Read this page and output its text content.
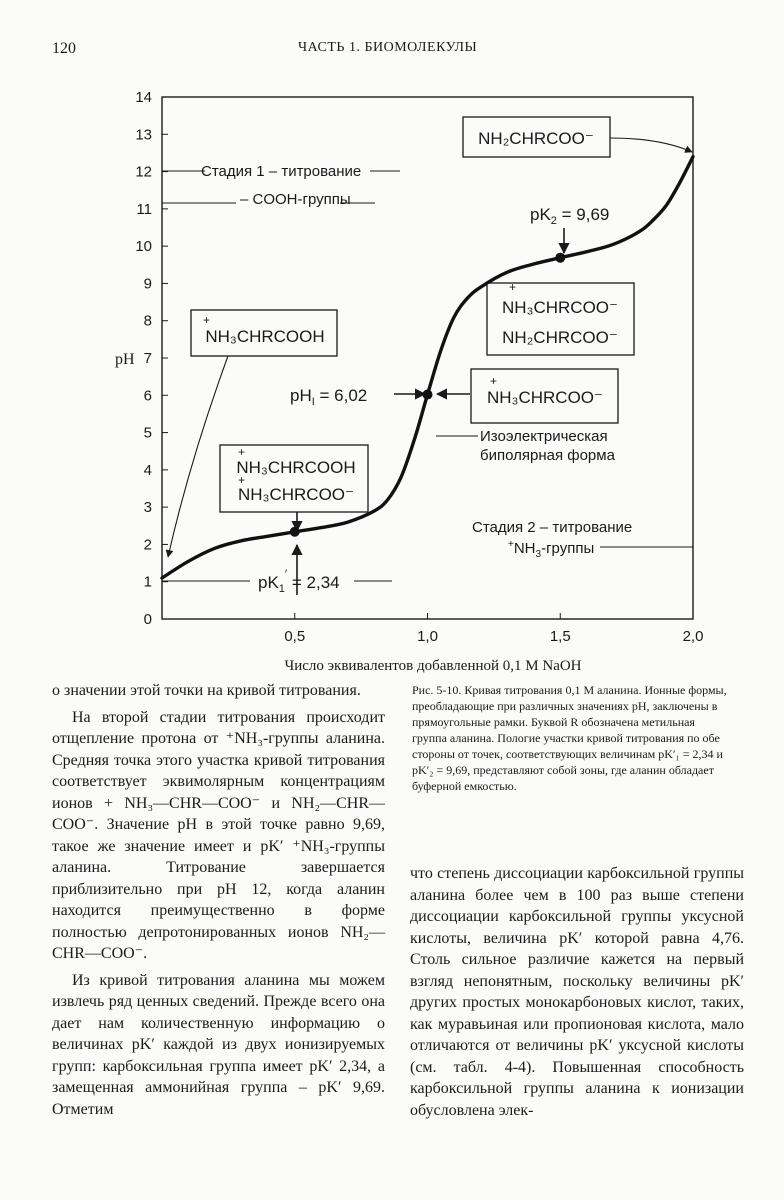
120	ЧАСТЬ 1. БИОМОЛЕКУЛЫ
0
1
2
3
4
5
6
7
8
9
10
11
12
13
14
0,5	1,0	1,5	2,0
pH
Число эквивалентов добавленной 0,1 M NaOH
Стадия 1 – титрование
– COOH-группы
NH₂CHRCOO⁻
$pK_2 = 9,69$
+
NH₃CHRCOO⁻
NH₂CHRCOO⁻
+
NH₃CHRCOOH
$pH_I = 6,02$
+
NH₃CHRCOO⁻
Изоэлектрическая
биполярная форма
+
NH₃CHRCOOH
+
NH₃CHRCOO⁻
Стадия 2 – титрование
$^+NH_3$-группы
$pK_1' = 2,34$

о значении этой точки на кривой титрования.

На второй стадии титрования происходит отщепление протона от ⁺NH₃-группы аланина. Средняя точка этого участка кривой титрования соответствует эквимолярным концентрациям ионов + NH₃—CHR—COO⁻ и NH₂—CHR—COO⁻. Значение pH в этой точке равно 9,69, такое же значение имеет и pK′ ⁺NH₃-группы аланина. Титрование завершается приблизительно при pH 12, когда аланин находится преимущественно в форме полностью депротонированных ионов NH₂—CHR—COO⁻.

Из кривой титрования аланина мы можем извлечь ряд ценных сведений. Прежде всего она дает нам количественную информацию о величинах pK′ каждой из двух ионизируемых групп: карбоксильная группа имеет pK′ 2,34, а замещенная аммонийная группа – pK′ 9,69. Отметим

Рис. 5-10. Кривая титрования 0,1 М аланина. Ионные формы, преобладающие при различных значениях pH, заключены в прямоугольные рамки. Буквой R обозначена метильная группа аланина. Пологие участки кривой титрования по обе стороны от точек, соответствующих величинам pK′₁ = 2,34 и pK′₂ = 9,69, представляют собой зоны, где аланин обладает буферной емкостью.

что степень диссоциации карбоксильной группы аланина более чем в 100 раз выше степени диссоциации карбоксильной группы уксусной кислоты, величина pK′ которой равна 4,76. Столь сильное различие кажется на первый взгляд непонятным, поскольку величины pK′ других простых монокарбоновых кислот, таких, как муравьиная или пропионовая кислота, мало отличаются от величины pK′ уксусной кислоты (см. табл. 4-4). Повышенная способность карбоксильной группы аланина к ионизации обусловлена элек-
